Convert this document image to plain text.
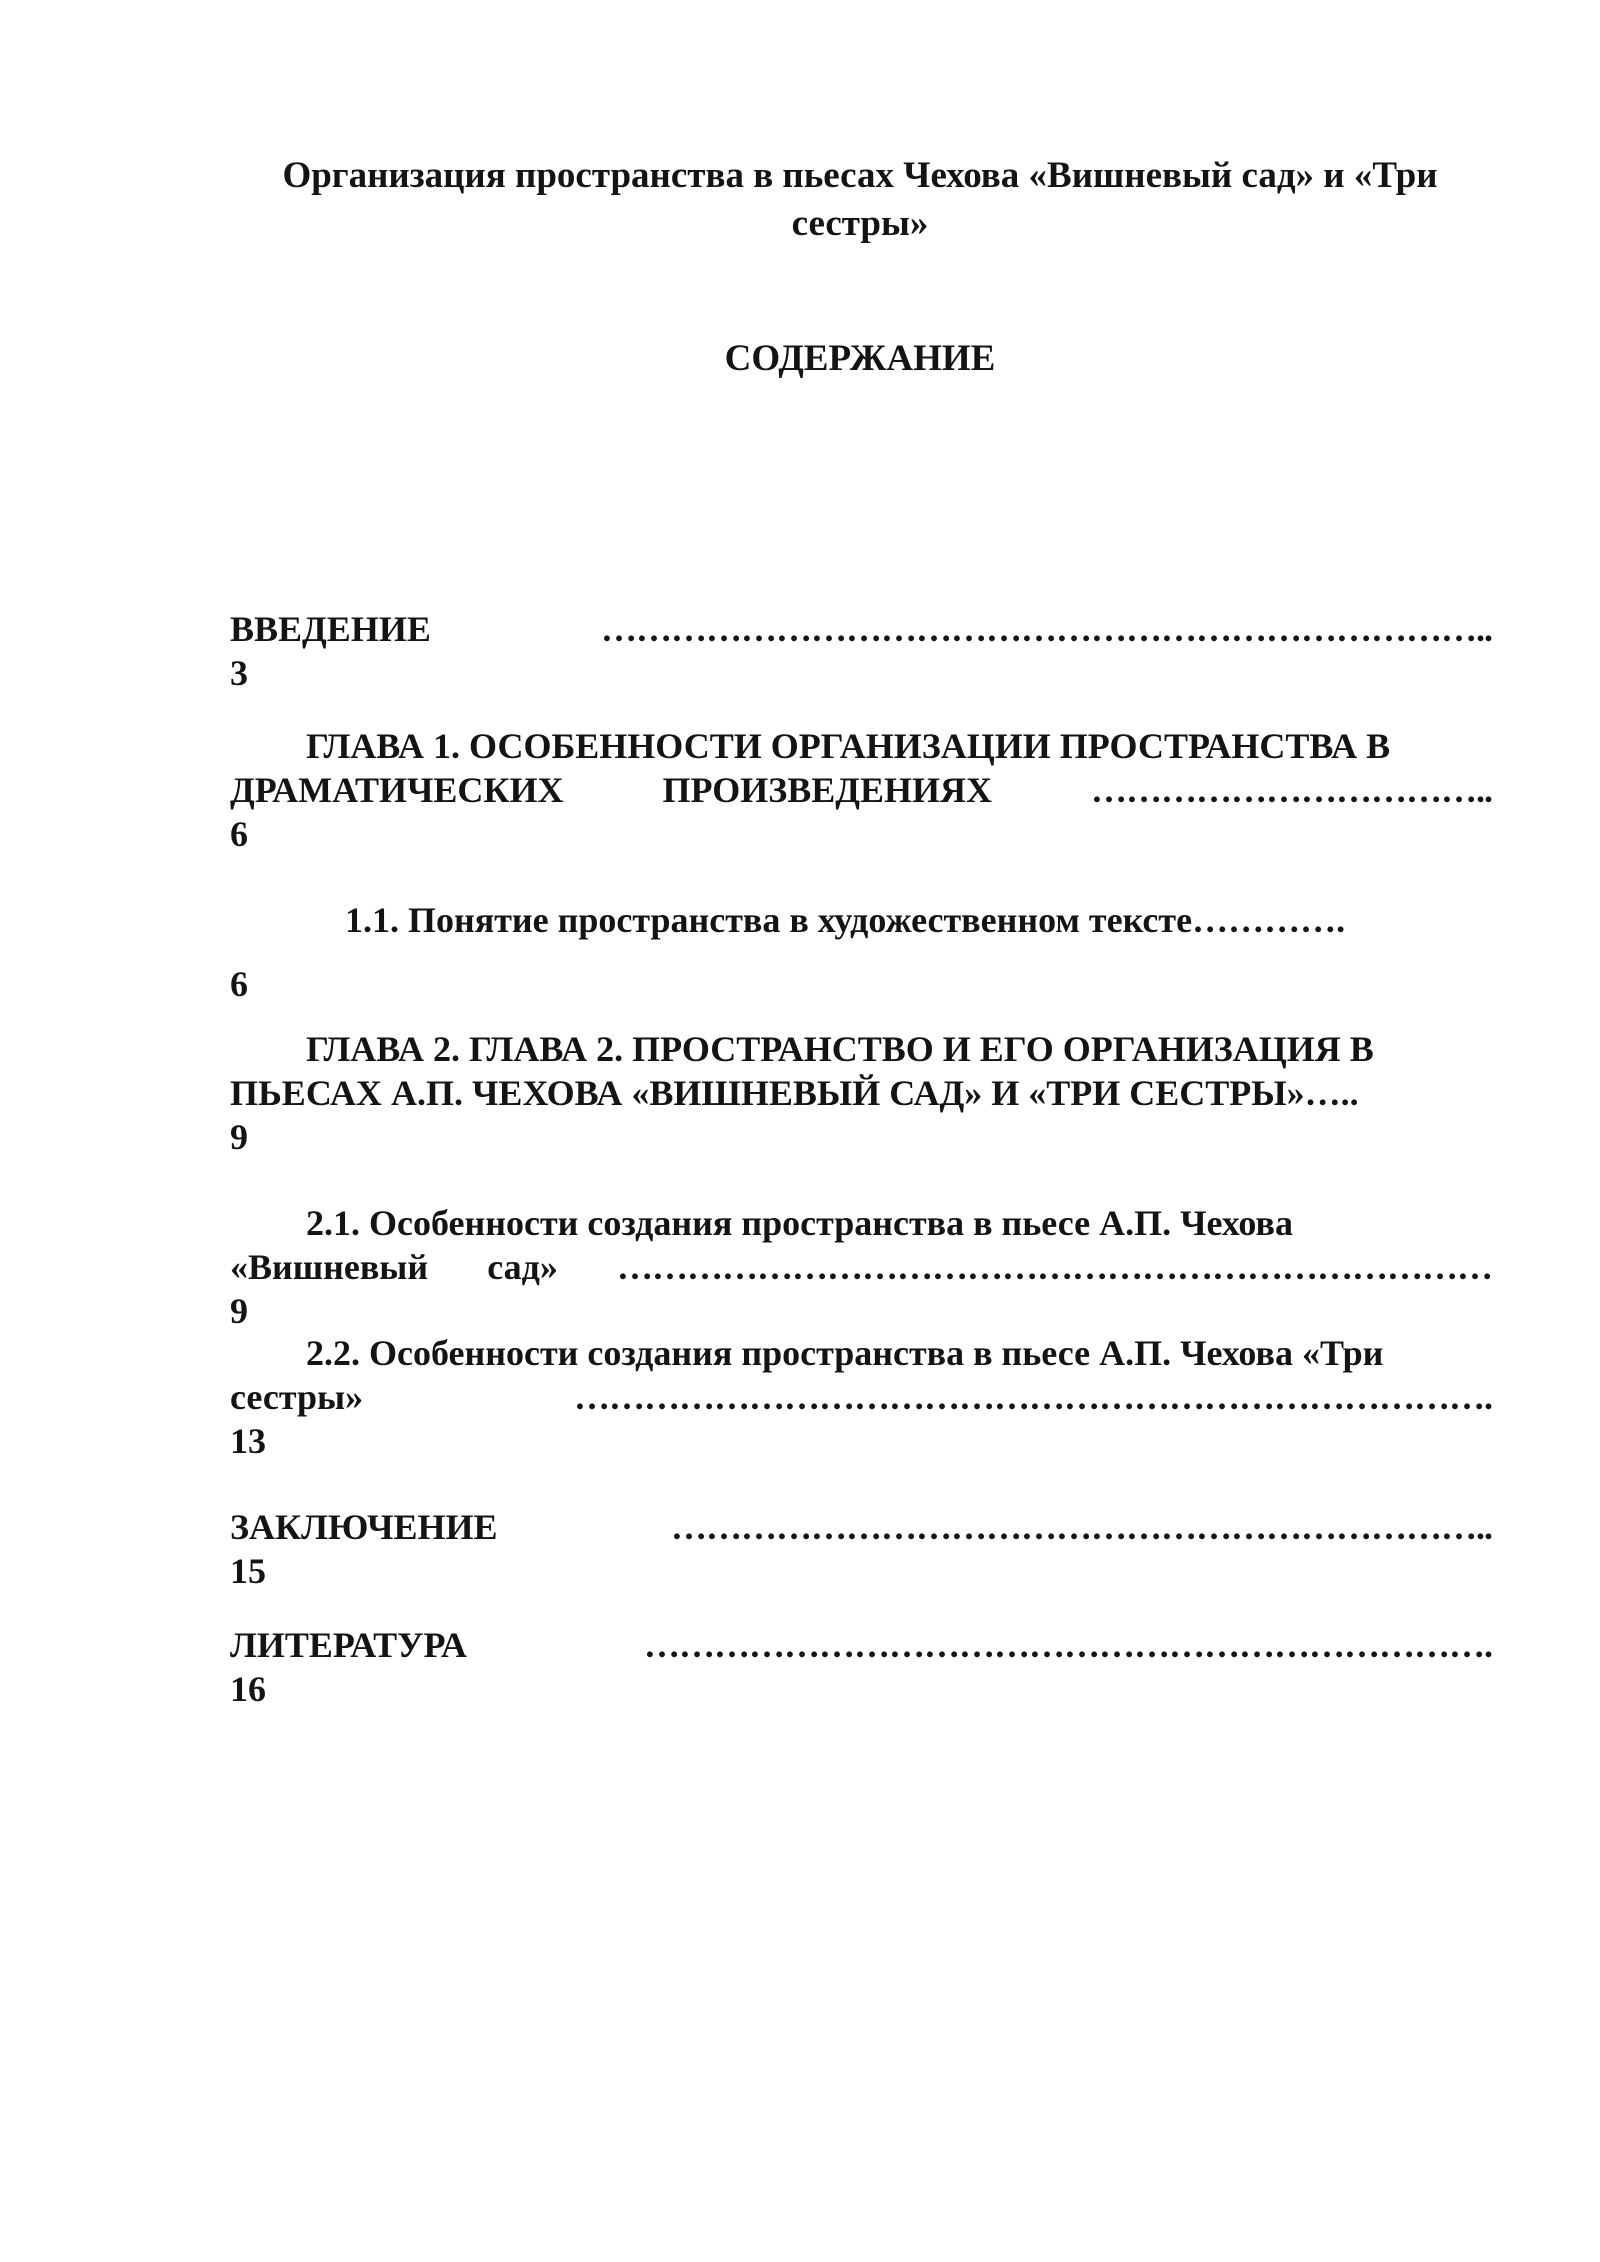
Организация пространства в пьесах Чехова «Вишневый сад» и «Три
сестры»
СОДЕРЖАНИЕ
ВВЕДЕНИЕ	…………………………………………………………………..
3
ГЛАВА 1. ОСОБЕННОСТИ ОРГАНИЗАЦИИ ПРОСТРАНСТВА В
ДРАМАТИЧЕСКИХ	ПРОИЗВЕДЕНИЯХ	……………………………..
6
1.1. Понятие пространства в художественном тексте………….
6
ГЛАВА 2. ГЛАВА 2. ПРОСТРАНСТВО И ЕГО ОРГАНИЗАЦИЯ В
ПЬЕСАХ А.П. ЧЕХОВА «ВИШНЕВЫЙ САД» И «ТРИ СЕСТРЫ»…..
9
2.1. Особенности создания пространства в пьесе А.П. Чехова
«Вишневый сад» …………………………………………………………………
9
2.2. Особенности создания пространства в пьесе А.П. Чехова «Три
сестры»	…………………………………………………………………….
13
ЗАКЛЮЧЕНИЕ	……………………………………………………………..
15
ЛИТЕРАТУРА	……………………………………………………………….
16
